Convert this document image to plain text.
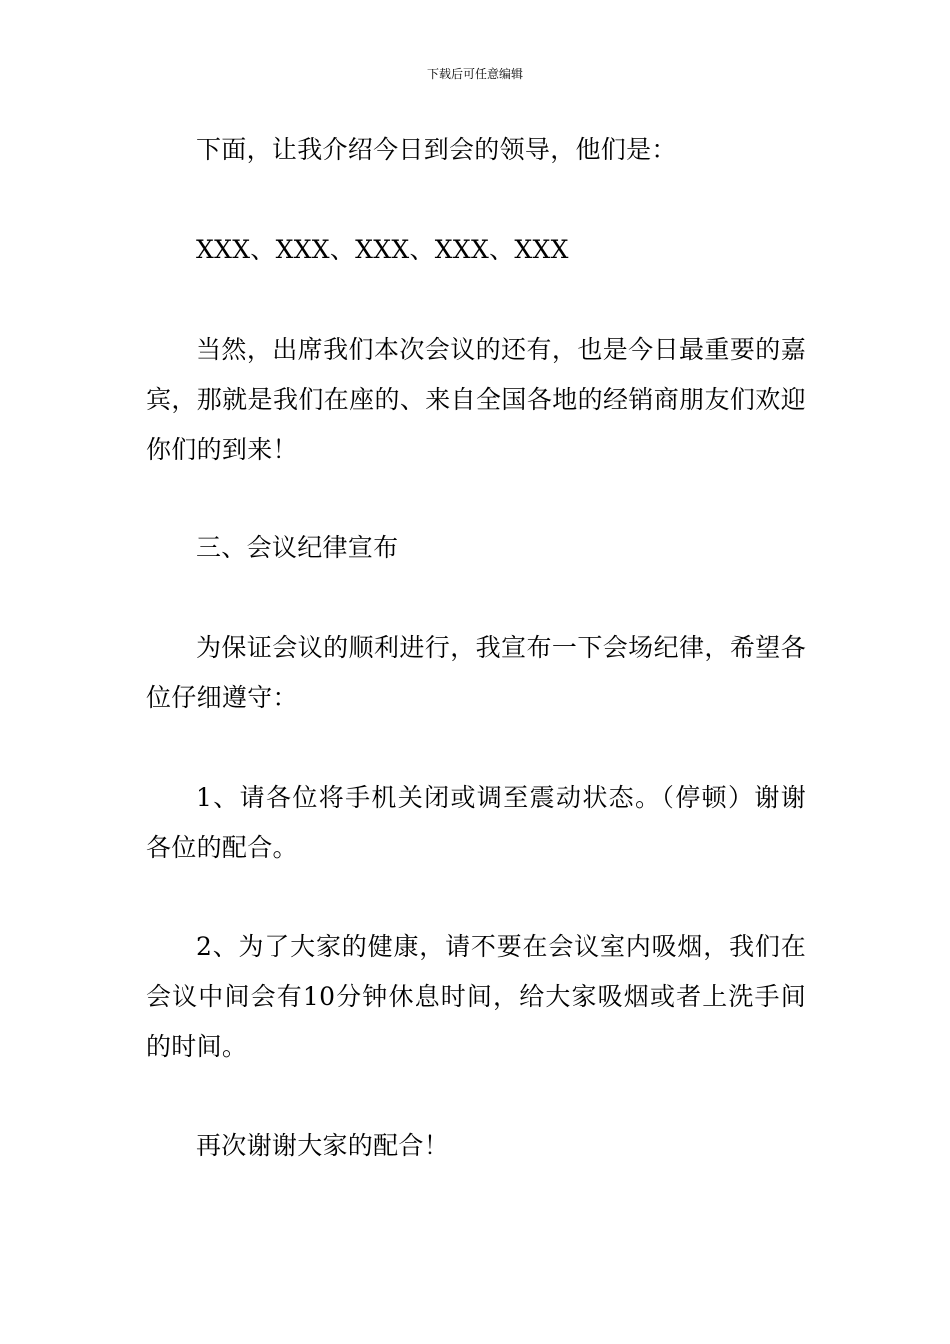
下载后可任意编辑

下面，让我介绍今日到会的领导，他们是：

XXX、XXX、XXX、XXX、XXX

当然，出席我们本次会议的还有，也是今日最重要的嘉宾，那就是我们在座的、来自全国各地的经销商朋友们欢迎你们的到来！

三、会议纪律宣布

为保证会议的顺利进行，我宣布一下会场纪律，希望各位仔细遵守：

1、请各位将手机关闭或调至震动状态。（停顿）谢谢各位的配合。

2、为了大家的健康，请不要在会议室内吸烟，我们在会议中间会有10分钟休息时间，给大家吸烟或者上洗手间的时间。

再次谢谢大家的配合！
